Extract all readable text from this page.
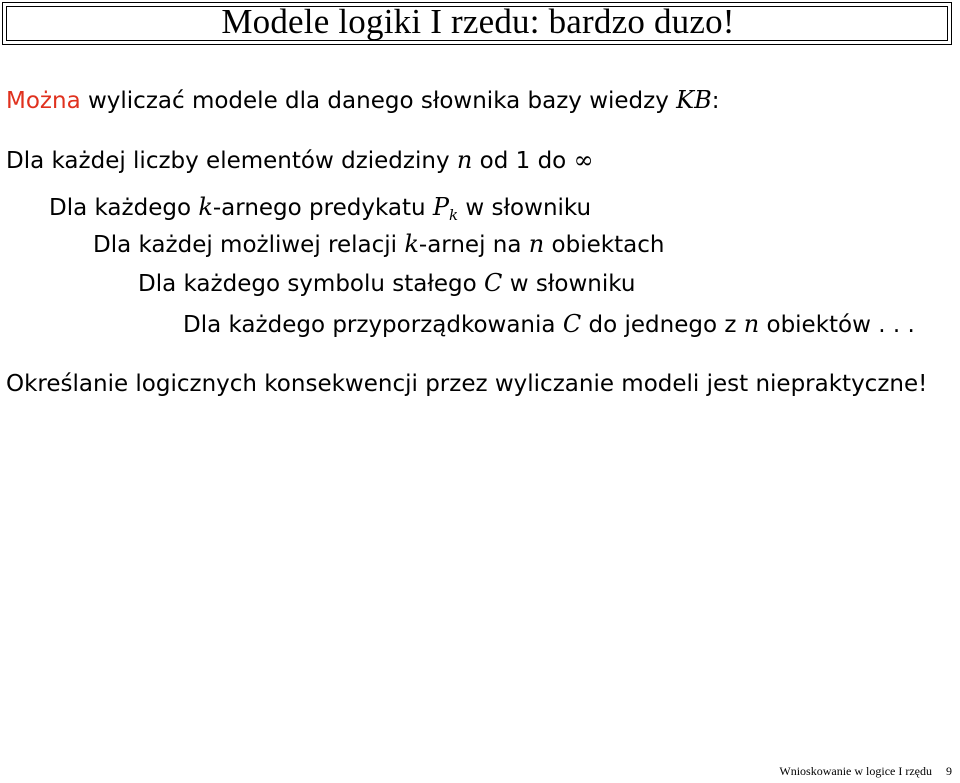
Modele logiki I rzedu: bardzo duzo!
Można wyliczać modele dla danego słownika bazy wiedzy KB:
Dla każdej liczby elementów dziedziny n od 1 do ∞
Dla każdego k-arnego predykatu $P_k$ w słowniku
Dla każdej możliwej relacji k-arnej na n obiektach
Dla każdego symbolu stałego C w słowniku
Dla każdego przyporządkowania C do jednego z n obiektów . . .
Określanie logicznych konsekwencji przez wyliczanie modeli jest niepraktyczne!
Wnioskowanie w logice I rzędu 9
